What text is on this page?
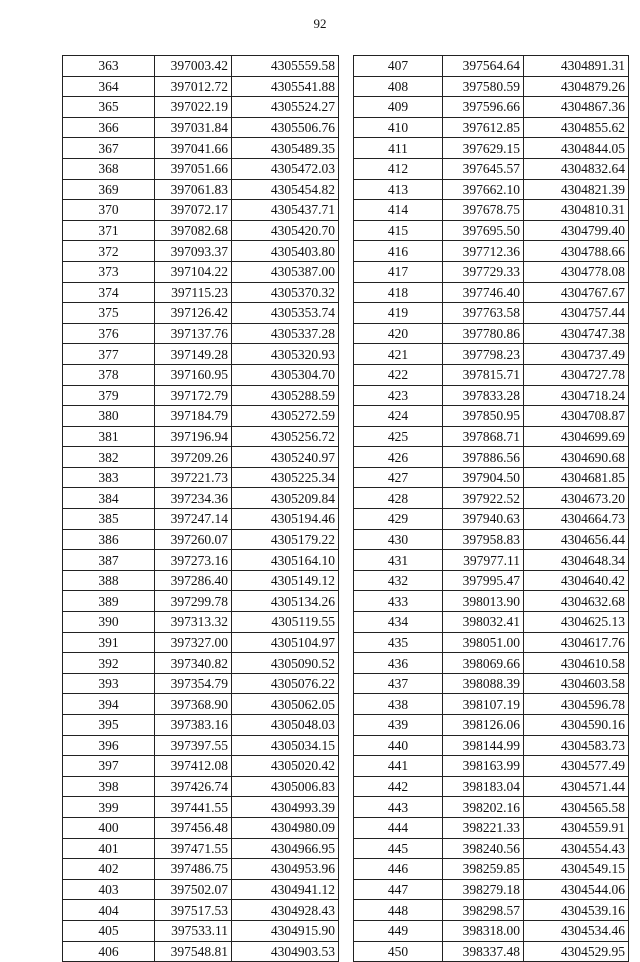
92
363	397003.42	4305559.58
364	397012.72	4305541.88
365	397022.19	4305524.27
366	397031.84	4305506.76
367	397041.66	4305489.35
368	397051.66	4305472.03
369	397061.83	4305454.82
370	397072.17	4305437.71
371	397082.68	4305420.70
372	397093.37	4305403.80
373	397104.22	4305387.00
374	397115.23	4305370.32
375	397126.42	4305353.74
376	397137.76	4305337.28
377	397149.28	4305320.93
378	397160.95	4305304.70
379	397172.79	4305288.59
380	397184.79	4305272.59
381	397196.94	4305256.72
382	397209.26	4305240.97
383	397221.73	4305225.34
384	397234.36	4305209.84
385	397247.14	4305194.46
386	397260.07	4305179.22
387	397273.16	4305164.10
388	397286.40	4305149.12
389	397299.78	4305134.26
390	397313.32	4305119.55
391	397327.00	4305104.97
392	397340.82	4305090.52
393	397354.79	4305076.22
394	397368.90	4305062.05
395	397383.16	4305048.03
396	397397.55	4305034.15
397	397412.08	4305020.42
398	397426.74	4305006.83
399	397441.55	4304993.39
400	397456.48	4304980.09
401	397471.55	4304966.95
402	397486.75	4304953.96
403	397502.07	4304941.12
404	397517.53	4304928.43
405	397533.11	4304915.90
406	397548.81	4304903.53
407	397564.64	4304891.31
408	397580.59	4304879.26
409	397596.66	4304867.36
410	397612.85	4304855.62
411	397629.15	4304844.05
412	397645.57	4304832.64
413	397662.10	4304821.39
414	397678.75	4304810.31
415	397695.50	4304799.40
416	397712.36	4304788.66
417	397729.33	4304778.08
418	397746.40	4304767.67
419	397763.58	4304757.44
420	397780.86	4304747.38
421	397798.23	4304737.49
422	397815.71	4304727.78
423	397833.28	4304718.24
424	397850.95	4304708.87
425	397868.71	4304699.69
426	397886.56	4304690.68
427	397904.50	4304681.85
428	397922.52	4304673.20
429	397940.63	4304664.73
430	397958.83	4304656.44
431	397977.11	4304648.34
432	397995.47	4304640.42
433	398013.90	4304632.68
434	398032.41	4304625.13
435	398051.00	4304617.76
436	398069.66	4304610.58
437	398088.39	4304603.58
438	398107.19	4304596.78
439	398126.06	4304590.16
440	398144.99	4304583.73
441	398163.99	4304577.49
442	398183.04	4304571.44
443	398202.16	4304565.58
444	398221.33	4304559.91
445	398240.56	4304554.43
446	398259.85	4304549.15
447	398279.18	4304544.06
448	398298.57	4304539.16
449	398318.00	4304534.46
450	398337.48	4304529.95
